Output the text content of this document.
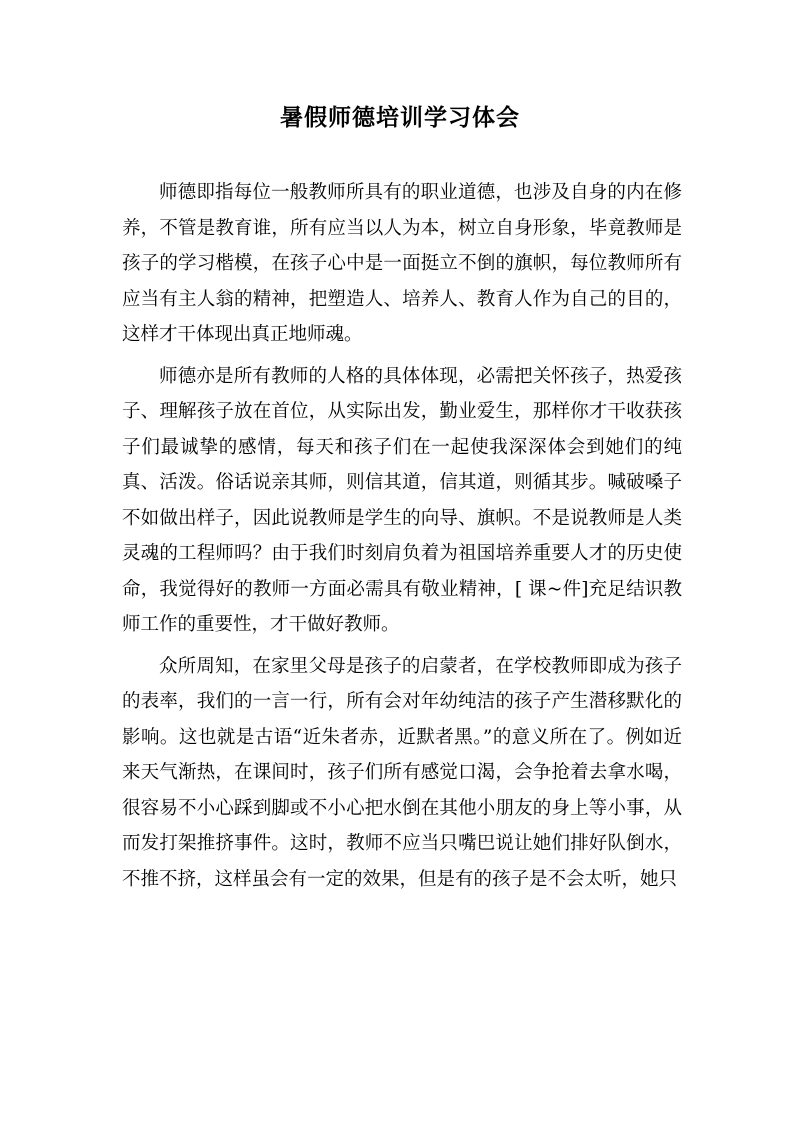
暑假师德培训学习体会

师德即指每位一般教师所具有的职业道德，也涉及自身的内在修养，不管是教育谁，所有应当以人为本，树立自身形象，毕竟教师是孩子的学习楷模，在孩子心中是一面挺立不倒的旗帜，每位教师所有应当有主人翁的精神，把塑造人、培养人、教育人作为自己的目的，这样才干体现出真正地师魂。

师德亦是所有教师的人格的具体体现，必需把关怀孩子，热爱孩子、理解孩子放在首位，从实际出发，勤业爱生，那样你才干收获孩子们最诚挚的感情，每天和孩子们在一起使我深深体会到她们的纯真、活泼。俗话说亲其师，则信其道，信其道，则循其步。喊破嗓子不如做出样子，因此说教师是学生的向导、旗帜。不是说教师是人类灵魂的工程师吗？由于我们时刻肩负着为祖国培养重要人才的历史使命，我觉得好的教师一方面必需具有敬业精神，[ 课~件]充足结识教师工作的重要性，才干做好教师。

众所周知，在家里父母是孩子的启蒙者，在学校教师即成为孩子的表率，我们的一言一行，所有会对年幼纯洁的孩子产生潜移默化的影响。这也就是古语“近朱者赤，近默者黑。”的意义所在了。例如近来天气渐热，在课间时，孩子们所有感觉口渴，会争抢着去拿水喝，很容易不小心踩到脚或不小心把水倒在其他小朋友的身上等小事，从而发打架推挤事件。这时，教师不应当只嘴巴说让她们排好队倒水，不推不挤，这样虽会有一定的效果，但是有的孩子是不会太听，她只
